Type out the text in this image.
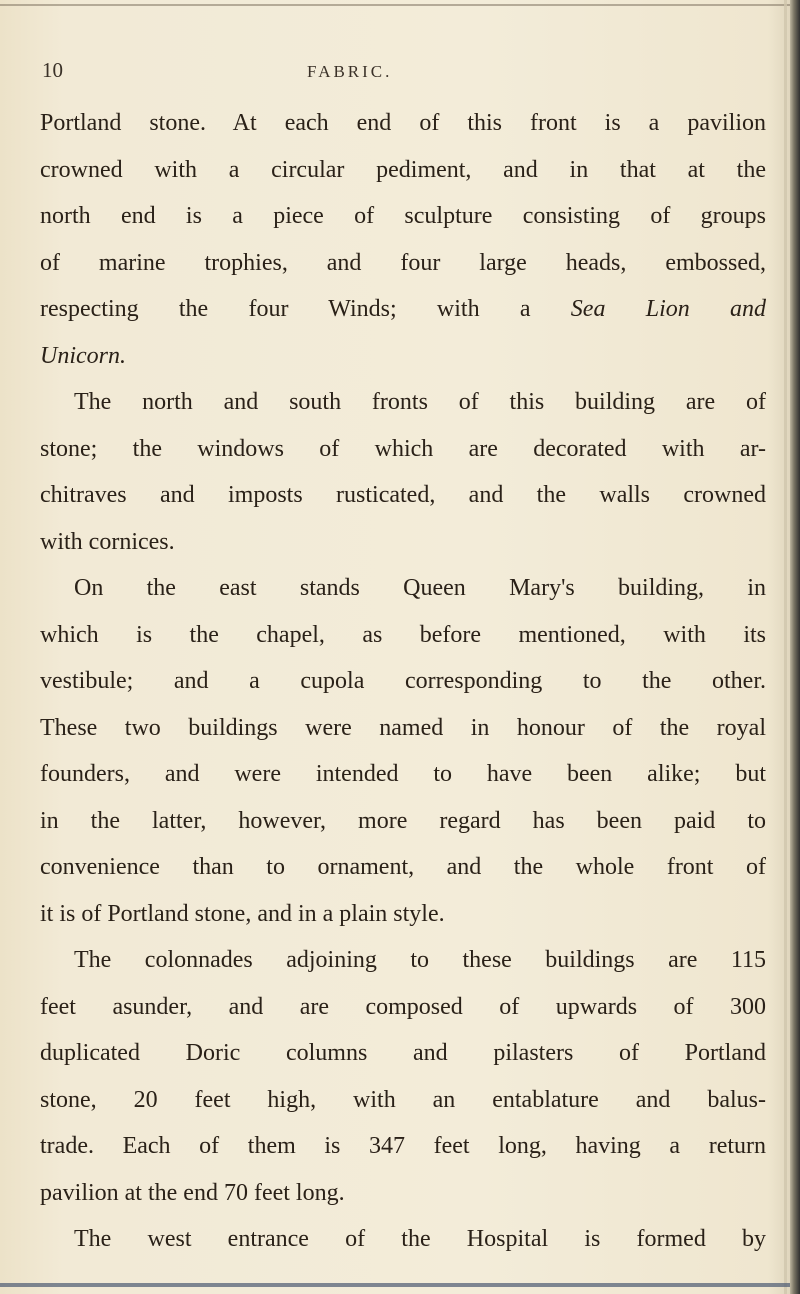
10	FABRIC.
Portland stone. At each end of this front is a pavilion
crowned with a circular pediment, and in that at the
north end is a piece of sculpture consisting of groups
of marine trophies, and four large heads, embossed,
respecting the four Winds; with a Sea Lion and
Unicorn.
The north and south fronts of this building are of
stone; the windows of which are decorated with ar-
chitraves and imposts rusticated, and the walls crowned
with cornices.
On the east stands Queen Mary's building, in
which is the chapel, as before mentioned, with its
vestibule; and a cupola corresponding to the other.
These two buildings were named in honour of the royal
founders, and were intended to have been alike; but
in the latter, however, more regard has been paid to
convenience than to ornament, and the whole front of
it is of Portland stone, and in a plain style.
The colonnades adjoining to these buildings are 115
feet asunder, and are composed of upwards of 300
duplicated Doric columns and pilasters of Portland
stone, 20 feet high, with an entablature and balus-
trade. Each of them is 347 feet long, having a return
pavilion at the end 70 feet long.
The west entrance of the Hospital is formed by
